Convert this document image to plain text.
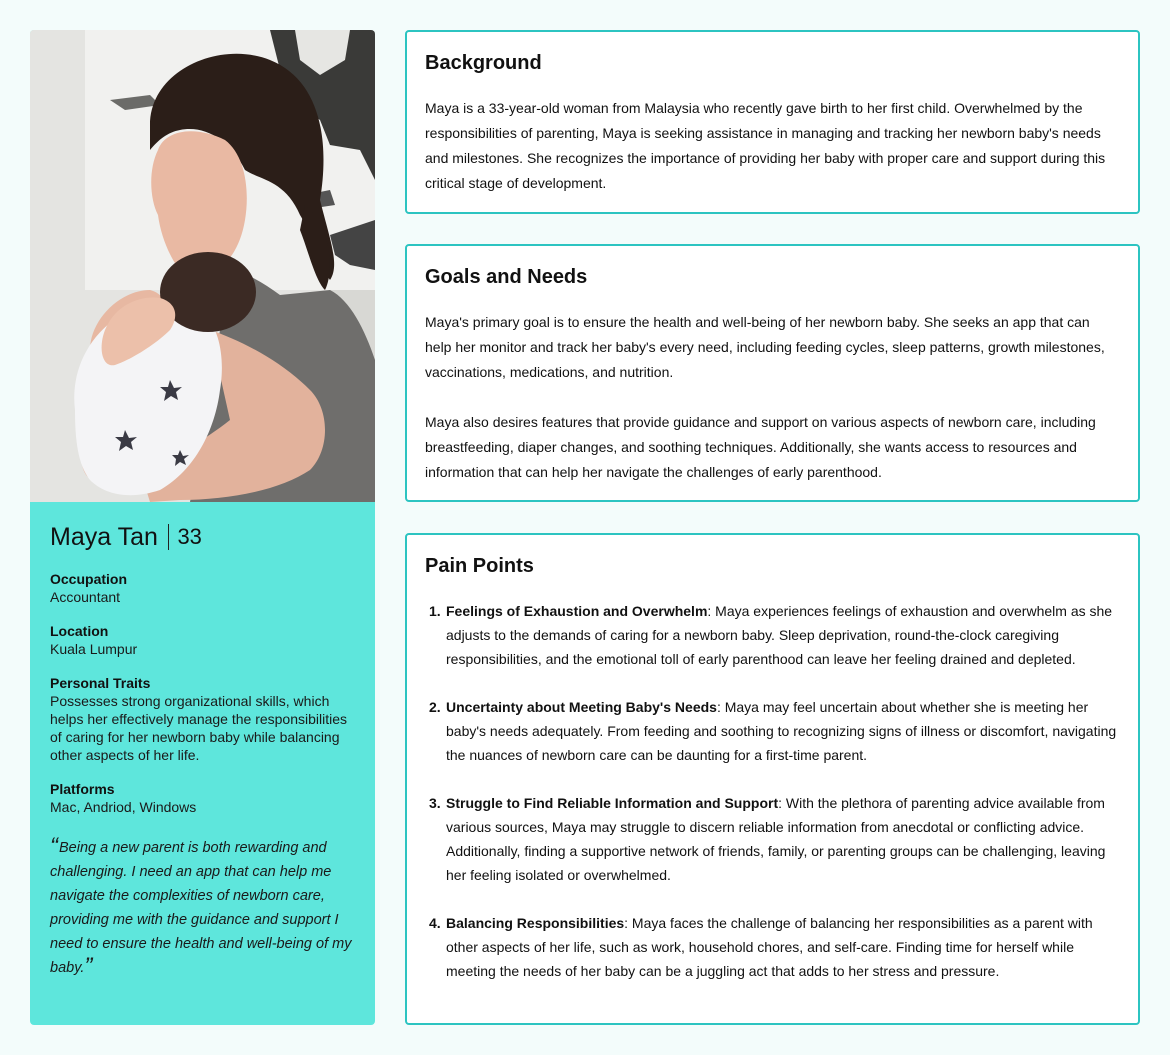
Maya Tan 33
Occupation
Accountant
Location
Kuala Lumpur
Personal Traits
Possesses strong organizational skills, which helps her effectively manage the responsibilities of caring for her newborn baby while balancing other aspects of her life.
Platforms
Mac, Andriod, Windows
“Being a new parent is both rewarding and challenging. I need an app that can help me navigate the complexities of newborn care, providing me with the guidance and support I need to ensure the health and well-being of my baby.”
Background

Maya is a 33-year-old woman from Malaysia who recently gave birth to her first child. Overwhelmed by the responsibilities of parenting, Maya is seeking assistance in managing and tracking her newborn baby's needs and milestones. She recognizes the importance of providing her baby with proper care and support during this critical stage of development.

Goals and Needs

Maya's primary goal is to ensure the health and well-being of her newborn baby. She seeks an app that can help her monitor and track her baby's every need, including feeding cycles, sleep patterns, growth milestones, vaccinations, medications, and nutrition.

Maya also desires features that provide guidance and support on various aspects of newborn care, including breastfeeding, diaper changes, and soothing techniques. Additionally, she wants access to resources and information that can help her navigate the challenges of early parenthood.

Pain Points
1. Feelings of Exhaustion and Overwhelm: Maya experiences feelings of exhaustion and overwhelm as she adjusts to the demands of caring for a newborn baby. Sleep deprivation, round-the-clock caregiving responsibilities, and the emotional toll of early parenthood can leave her feeling drained and depleted.
2. Uncertainty about Meeting Baby's Needs: Maya may feel uncertain about whether she is meeting her baby's needs adequately. From feeding and soothing to recognizing signs of illness or discomfort, navigating the nuances of newborn care can be daunting for a first-time parent.
3. Struggle to Find Reliable Information and Support: With the plethora of parenting advice available from various sources, Maya may struggle to discern reliable information from anecdotal or conflicting advice. Additionally, finding a supportive network of friends, family, or parenting groups can be challenging, leaving her feeling isolated or overwhelmed.
4. Balancing Responsibilities: Maya faces the challenge of balancing her responsibilities as a parent with other aspects of her life, such as work, household chores, and self-care. Finding time for herself while meeting the needs of her baby can be a juggling act that adds to her stress and pressure.
